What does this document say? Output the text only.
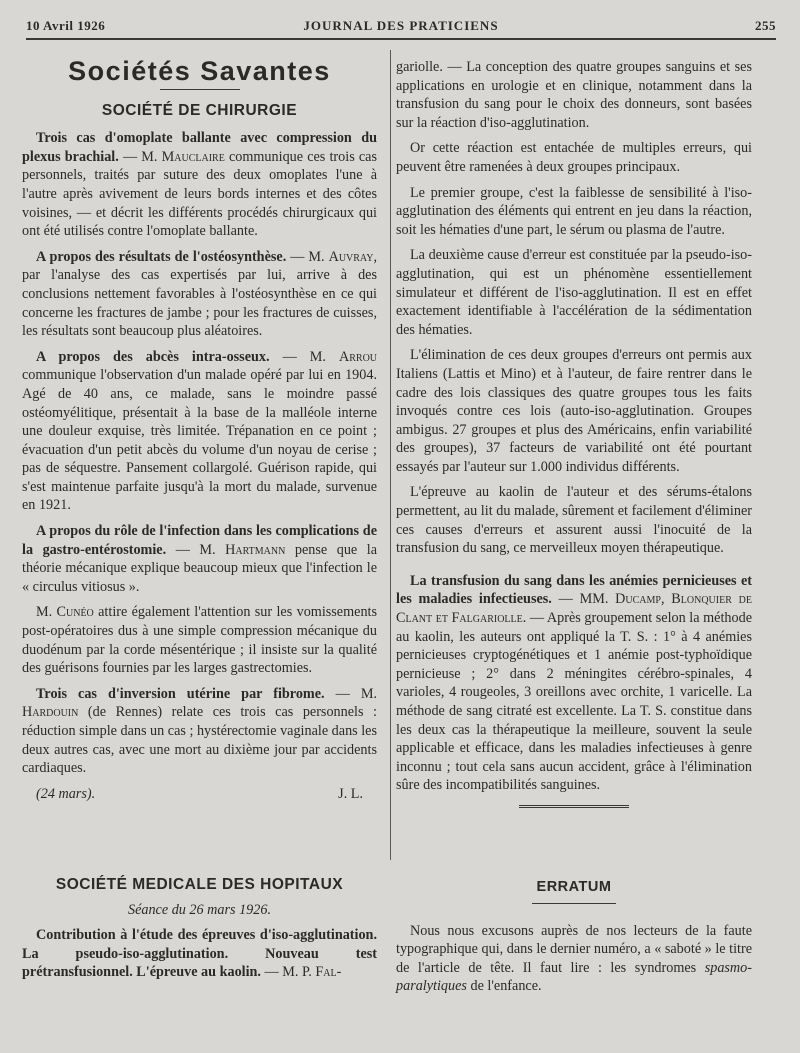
10 Avril 1926	JOURNAL DES PRATICIENS	255
Sociétés Savantes
SOCIÉTÉ DE CHIRURGIE

Trois cas d'omoplate ballante avec compression du plexus brachial. — M. Mauclaire communique ces trois cas personnels, traités par suture des deux omoplates l'une à l'autre après avivement de leurs bords internes et des côtes voisines, — et décrit les différents procédés chirurgicaux qui ont été utilisés contre l'omoplate ballante.

A propos des résultats de l'ostéosynthèse. — M. Auvray, par l'analyse des cas expertisés par lui, arrive à des conclusions nettement favorables à l'ostéosynthèse en ce qui concerne les fractures de jambe ; pour les fractures de cuisses, les résultats sont beaucoup plus aléatoires.

A propos des abcès intra-osseux. — M. Arrou communique l'observation d'un malade opéré par lui en 1904. Agé de 40 ans, ce malade, sans le moindre passé ostéomyélitique, présentait à la base de la malléole interne une douleur exquise, très limitée. Trépanation en ce point ; évacuation d'un petit abcès du volume d'un noyau de cerise ; pas de séquestre. Pansement collargolé. Guérison rapide, qui s'est maintenue parfaite jusqu'à la mort du malade, survenue en 1921.

A propos du rôle de l'infection dans les complications de la gastro-entérostomie. — M. Hartmann pense que la théorie mécanique explique beaucoup mieux que l'infection le « circulus vitiosus ».

M. Cunéo attire également l'attention sur les vomissements post-opératoires dus à une simple compression mécanique du duodénum par la corde mésentérique ; il insiste sur la qualité des guérisons fournies par les larges gastrectomies.

Trois cas d'inversion utérine par fibrome. — M. Hardouin (de Rennes) relate ces trois cas personnels : réduction simple dans un cas ; hystérectomie vaginale dans les deux autres cas, avec une mort au dixième jour par accidents cardiaques.

(24 mars).	J. L.

gariolle. — La conception des quatre groupes sanguins et ses applications en urologie et en clinique, notamment dans la transfusion du sang pour le choix des donneurs, sont basées sur la réaction d'iso-agglutination.

Or cette réaction est entachée de multiples erreurs, qui peuvent être ramenées à deux groupes principaux.

Le premier groupe, c'est la faiblesse de sensibilité à l'iso-agglutination des éléments qui entrent en jeu dans la réaction, soit les hématies d'une part, le sérum ou plasma de l'autre.

La deuxième cause d'erreur est constituée par la pseudo-iso-agglutination, qui est un phénomène essentiellement simulateur et différent de l'iso-agglutination. Il est en effet exactement identifiable à l'accélération de la sédimentation des hématies.

L'élimination de ces deux groupes d'erreurs ont permis aux Italiens (Lattis et Mino) et à l'auteur, de faire rentrer dans le cadre des lois classiques des quatre groupes tous les faits invoqués contre ces lois (auto-iso-agglutination. Groupes ambigus. 27 groupes et plus des Américains, enfin variabilité des groupes), 37 facteurs de variabilité ont été pourtant essayés par l'auteur sur 1.000 individus différents.

L'épreuve au kaolin de l'auteur et des sérums-étalons permettent, au lit du malade, sûrement et facilement d'éliminer ces causes d'erreurs et assurent aussi l'inocuité de la transfusion du sang, ce merveilleux moyen thérapeutique.

La transfusion du sang dans les anémies pernicieuses et les maladies infectieuses. — MM. Ducamp, Blonquier de Clant et Falgariolle. — Après groupement selon la méthode au kaolin, les auteurs ont appliqué la T. S. : 1° à 4 anémies pernicieuses cryptogénétiques et 1 anémie post-typhoïdique pernicieuse ; 2° dans 2 méningites cérébro-spinales, 4 varioles, 4 rougeoles, 3 oreillons avec orchite, 1 varicelle. La méthode de sang citraté est excellente. La T. S. constitue dans les deux cas la thérapeutique la meilleure, souvent la seule applicable et efficace, dans les maladies infectieuses à genre inconnu ; tout cela sans aucun accident, grâce à l'élimination sûre des incompatibilités sanguines.

SOCIÉTÉ MEDICALE DES HOPITAUX

Séance du 26 mars 1926.

Contribution à l'étude des épreuves d'iso-agglutination. La pseudo-iso-agglutination. Nouveau test prétransfusionnel. L'épreuve au kaolin. — M. P. Fal-

ERRATUM

Nous nous excusons auprès de nos lecteurs de la faute typographique qui, dans le dernier numéro, a « saboté » le titre de l'article de tête. Il faut lire : les syndromes spasmo-paralytiques de l'enfance.
